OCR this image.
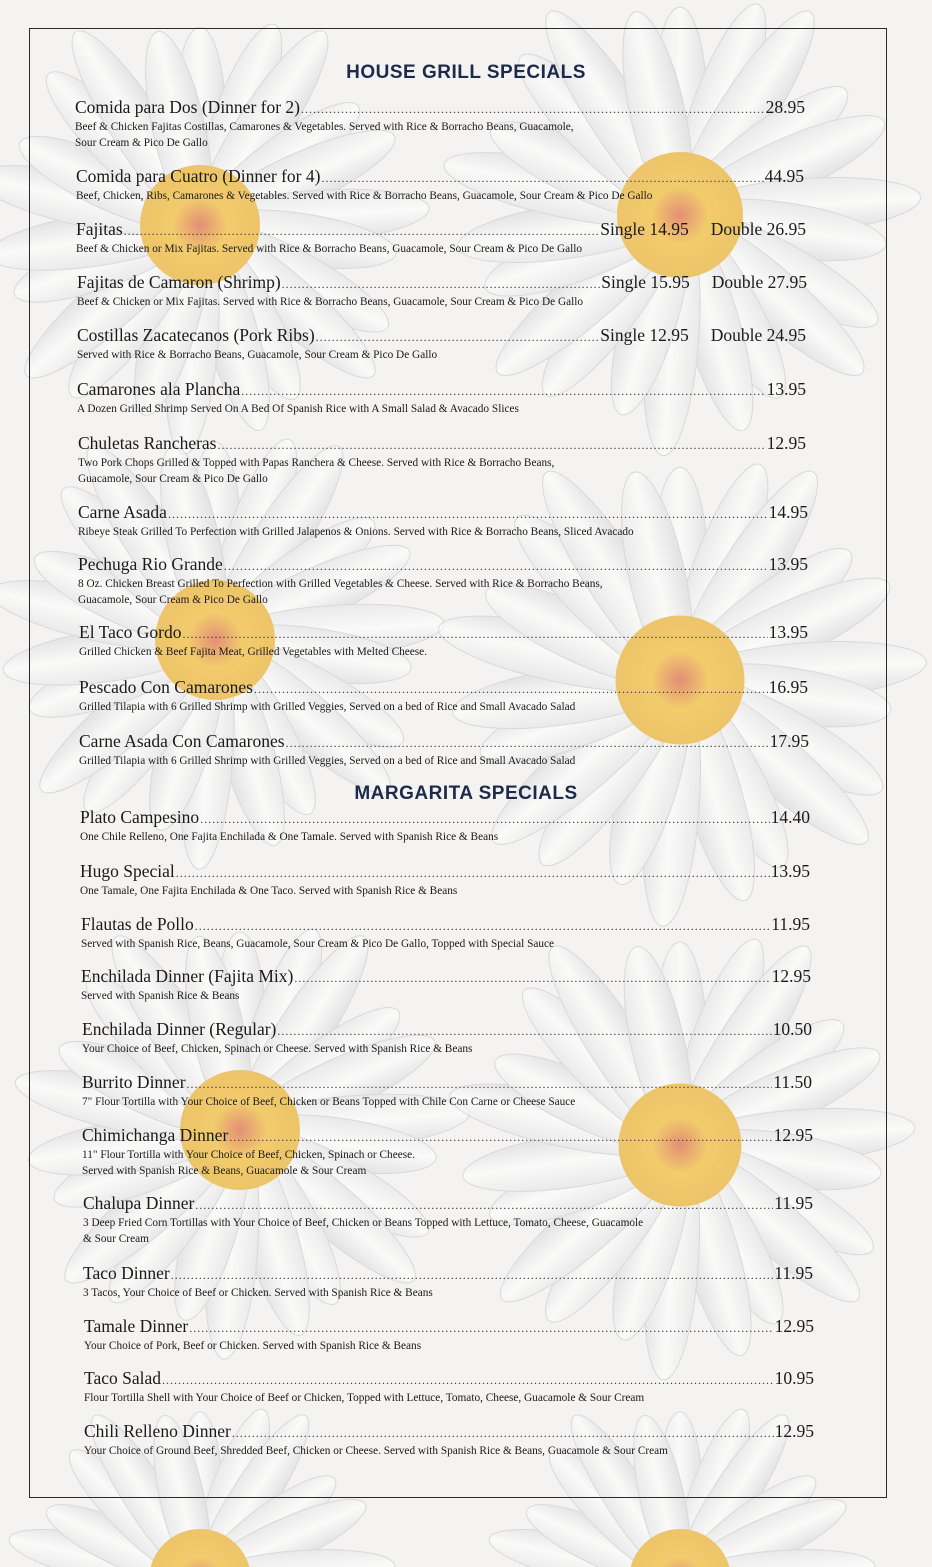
HOUSE GRILL SPECIALS
Comida para Dos (Dinner for 2) .....	28.95
Beef & Chicken Fajitas Costillas, Camarones & Vegetables. Served with Rice & Borracho Beans, Guacamole,
Sour Cream & Pico De Gallo
Comida para Cuatro (Dinner for 4) .....	44.95
Beef, Chicken, Ribs, Camarones & Vegetables. Served with Rice & Borracho Beans, Guacamole, Sour Cream & Pico De Gallo
Fajitas .....	Single 14.95 Double 26.95
Beef & Chicken or Mix Fajitas. Served with Rice & Borracho Beans, Guacamole, Sour Cream & Pico De Gallo
Fajitas de Camaron (Shrimp) .....	Single 15.95 Double 27.95
Beef & Chicken or Mix Fajitas. Served with Rice & Borracho Beans, Guacamole, Sour Cream & Pico De Gallo
Costillas Zacatecanos (Pork Ribs) .....	Single 12.95 Double 24.95
Served with Rice & Borracho Beans, Guacamole, Sour Cream & Pico De Gallo
Camarones ala Plancha .....	13.95
A Dozen Grilled Shrimp Served On A Bed Of Spanish Rice with A Small Salad & Avacado Slices
Chuletas Rancheras .....	12.95
Two Pork Chops Grilled & Topped with Papas Ranchera & Cheese. Served with Rice & Borracho Beans,
Guacamole, Sour Cream & Pico De Gallo
Carne Asada .....	14.95
Ribeye Steak Grilled To Perfection with Grilled Jalapenos & Onions. Served with Rice & Borracho Beans, Sliced Avacado
Pechuga Rio Grande .....	13.95
8 Oz. Chicken Breast Grilled To Perfection with Grilled Vegetables & Cheese. Served with Rice & Borracho Beans,
Guacamole, Sour Cream & Pico De Gallo
El Taco Gordo .....	13.95
Grilled Chicken & Beef Fajita Meat, Grilled Vegetables with Melted Cheese.
Pescado Con Camarones .....	16.95
Grilled Tilapia with 6 Grilled Shrimp with Grilled Veggies, Served on a bed of Rice and Small Avacado Salad
Carne Asada Con Camarones .....	17.95
Grilled Tilapia with 6 Grilled Shrimp with Grilled Veggies, Served on a bed of Rice and Small Avacado Salad
MARGARITA SPECIALS
Plato Campesino .....	14.40
One Chile Relleno, One Fajita Enchilada & One Tamale. Served with Spanish Rice & Beans
Hugo Special .....	13.95
One Tamale, One Fajita Enchilada & One Taco. Served with Spanish Rice & Beans
Flautas de Pollo .....	11.95
Served with Spanish Rice, Beans, Guacamole, Sour Cream & Pico De Gallo, Topped with Special Sauce
Enchilada Dinner (Fajita Mix) .....	12.95
Served with Spanish Rice & Beans
Enchilada Dinner (Regular) .....	10.50
Your Choice of Beef, Chicken, Spinach or Cheese. Served with Spanish Rice & Beans
Burrito Dinner .....	11.50
7" Flour Tortilla with Your Choice of Beef, Chicken or Beans Topped with Chile Con Carne or Cheese Sauce
Chimichanga Dinner .....	12.95
11" Flour Tortilla with Your Choice of Beef, Chicken, Spinach or Cheese.
Served with Spanish Rice & Beans, Guacamole & Sour Cream
Chalupa Dinner .....	11.95
3 Deep Fried Corn Tortillas with Your Choice of Beef, Chicken or Beans Topped with Lettuce, Tomato, Cheese, Guacamole
& Sour Cream
Taco Dinner .....	11.95
3 Tacos, Your Choice of Beef or Chicken. Served with Spanish Rice & Beans
Tamale Dinner .....	12.95
Your Choice of Pork, Beef or Chicken. Served with Spanish Rice & Beans
Taco Salad .....	10.95
Flour Tortilla Shell with Your Choice of Beef or Chicken, Topped with Lettuce, Tomato, Cheese, Guacamole & Sour Cream
Chili Relleno Dinner .....	12.95
Your Choice of Ground Beef, Shredded Beef, Chicken or Cheese. Served with Spanish Rice & Beans, Guacamole & Sour Cream
